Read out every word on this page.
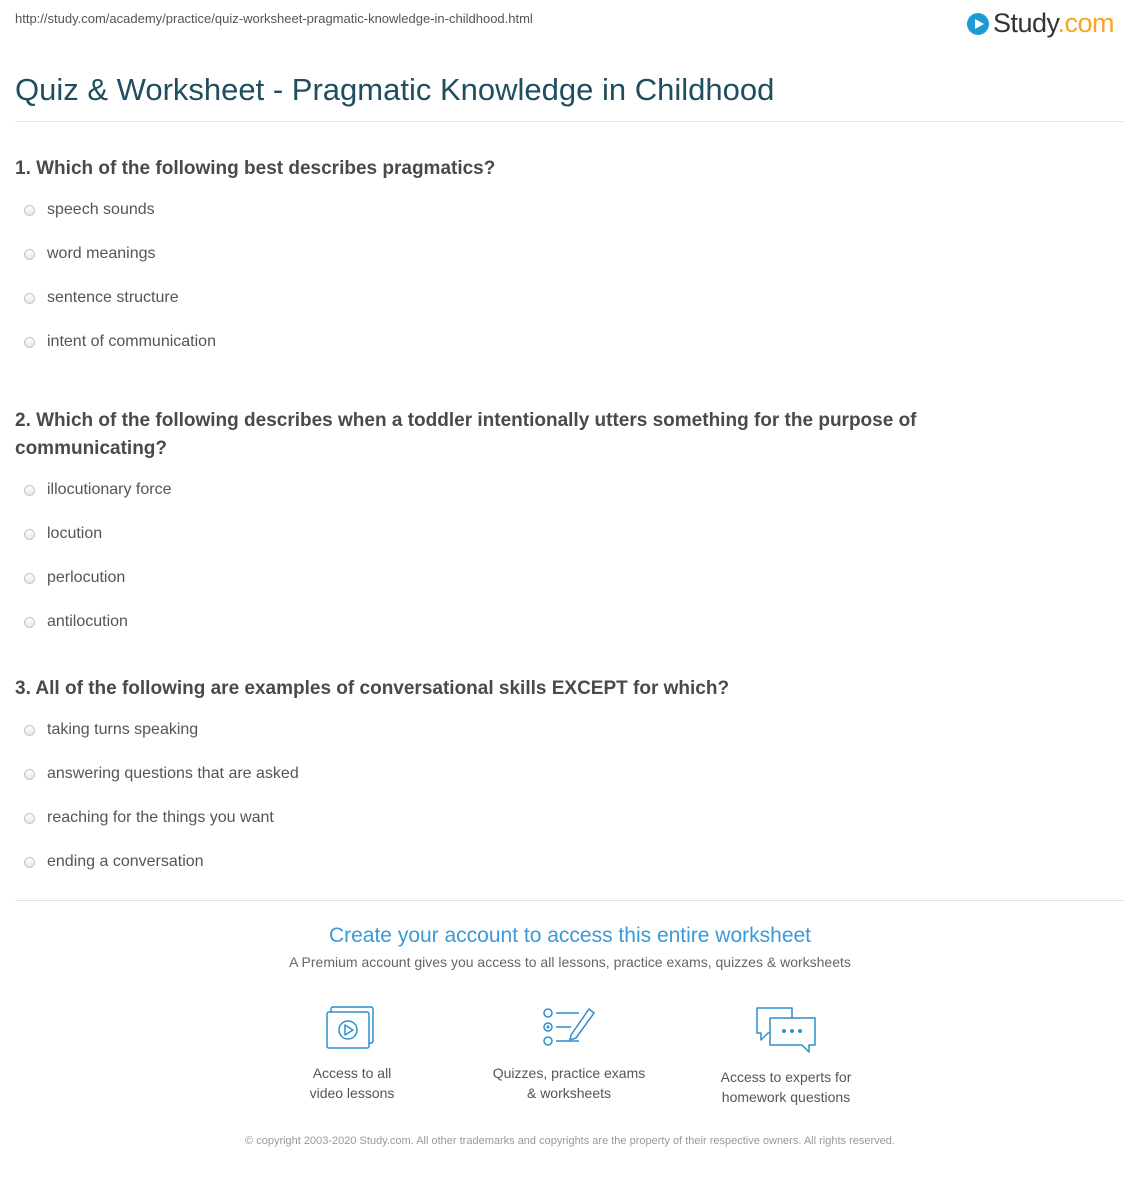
http://study.com/academy/practice/quiz-worksheet-pragmatic-knowledge-in-childhood.html	Study.com
Quiz & Worksheet - Pragmatic Knowledge in Childhood
1. Which of the following best describes pragmatics?
speech sounds
word meanings
sentence structure
intent of communication
2. Which of the following describes when a toddler intentionally utters something for the purpose of communicating?
illocutionary force
locution
perlocution
antilocution
3. All of the following are examples of conversational skills EXCEPT for which?
taking turns speaking
answering questions that are asked
reaching for the things you want
ending a conversation
Create your account to access this entire worksheet
A Premium account gives you access to all lessons, practice exams, quizzes & worksheets
Access to all
video lessons
Quizzes, practice exams
& worksheets
Access to experts for
homework questions
© copyright 2003-2020 Study.com. All other trademarks and copyrights are the property of their respective owners. All rights reserved.
